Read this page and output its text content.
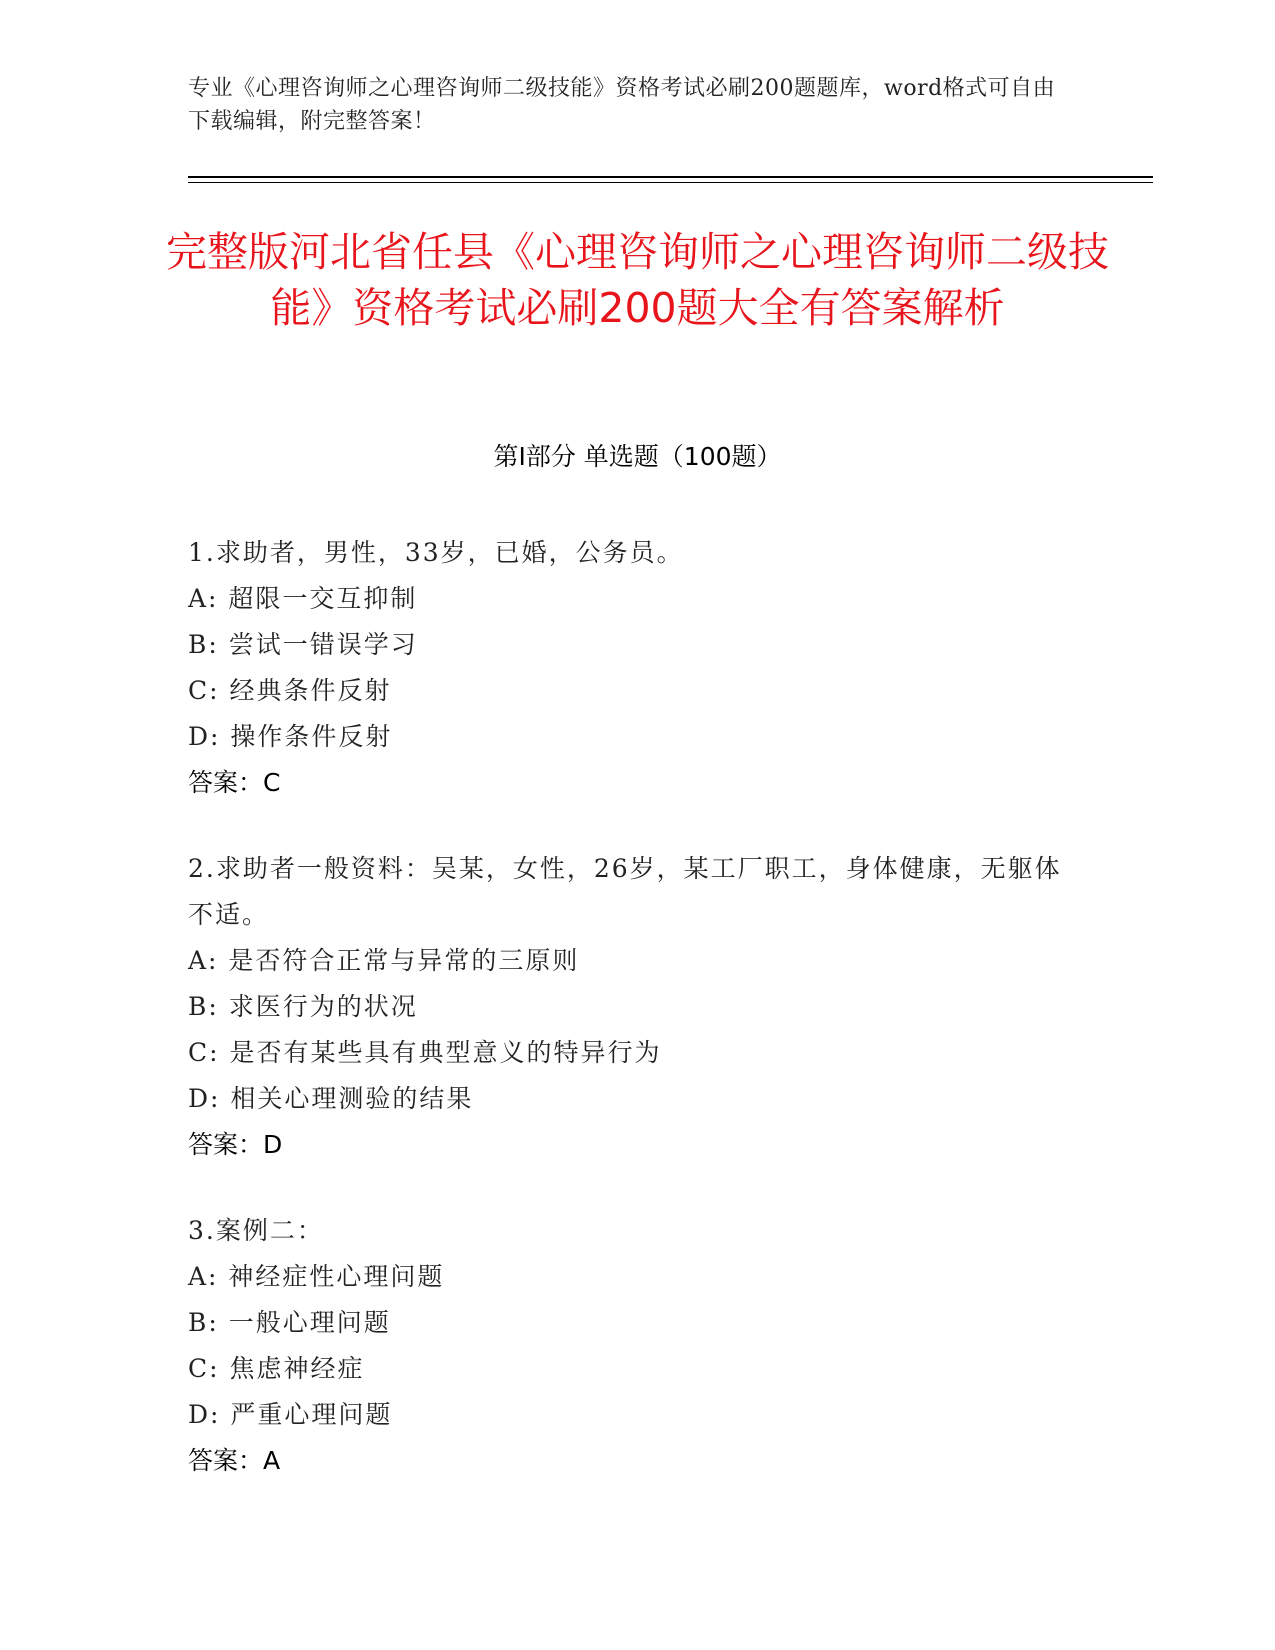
专业《心理咨询师之心理咨询师二级技能》资格考试必刷200题题库，word格式可自由下载编辑，附完整答案！
完整版河北省任县《心理咨询师之心理咨询师二级技能》资格考试必刷200题大全有答案解析
第Ⅰ部分 单选题（100题）
1.求助者，男性，33岁，已婚，公务员。
A: 超限一交互抑制
B: 尝试一错误学习
C: 经典条件反射
D: 操作条件反射
答案：C
2.求助者一般资料：吴某，女性，26岁，某工厂职工，身体健康，无躯体不适。
A: 是否符合正常与异常的三原则
B: 求医行为的状况
C: 是否有某些具有典型意义的特异行为
D: 相关心理测验的结果
答案：D
3.案例二：
A: 神经症性心理问题
B: 一般心理问题
C: 焦虑神经症
D: 严重心理问题
答案：A
